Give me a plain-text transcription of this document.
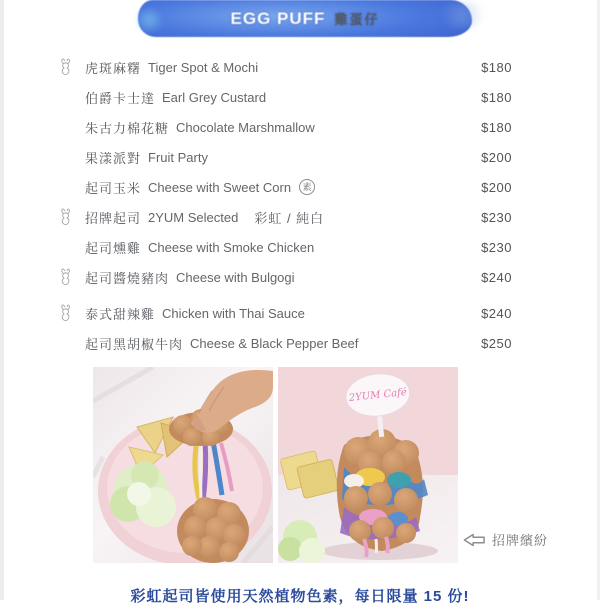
EGG PUFF 雞蛋仔
虎斑麻糬 Tiger Spot & Mochi	$180
伯爵卡士達 Earl Grey Custard	$180
朱古力棉花糖 Chocolate Marshmallow	$180
果漾派對 Fruit Party	$200
起司玉米 Cheese with Sweet Corn	素	$200
招牌起司 2YUM Selected 彩虹 / 純白	$230
起司燻雞 Cheese with Smoke Chicken	$230
起司醬燒豬肉 Cheese with Bulgogi	$240
泰式甜辣雞 Chicken with Thai Sauce	$240
起司黑胡椒牛肉 Cheese & Black Pepper Beef	$250
2YUM Café
招牌繽紛
彩虹起司皆使用天然植物色素，每日限量 15 份!
